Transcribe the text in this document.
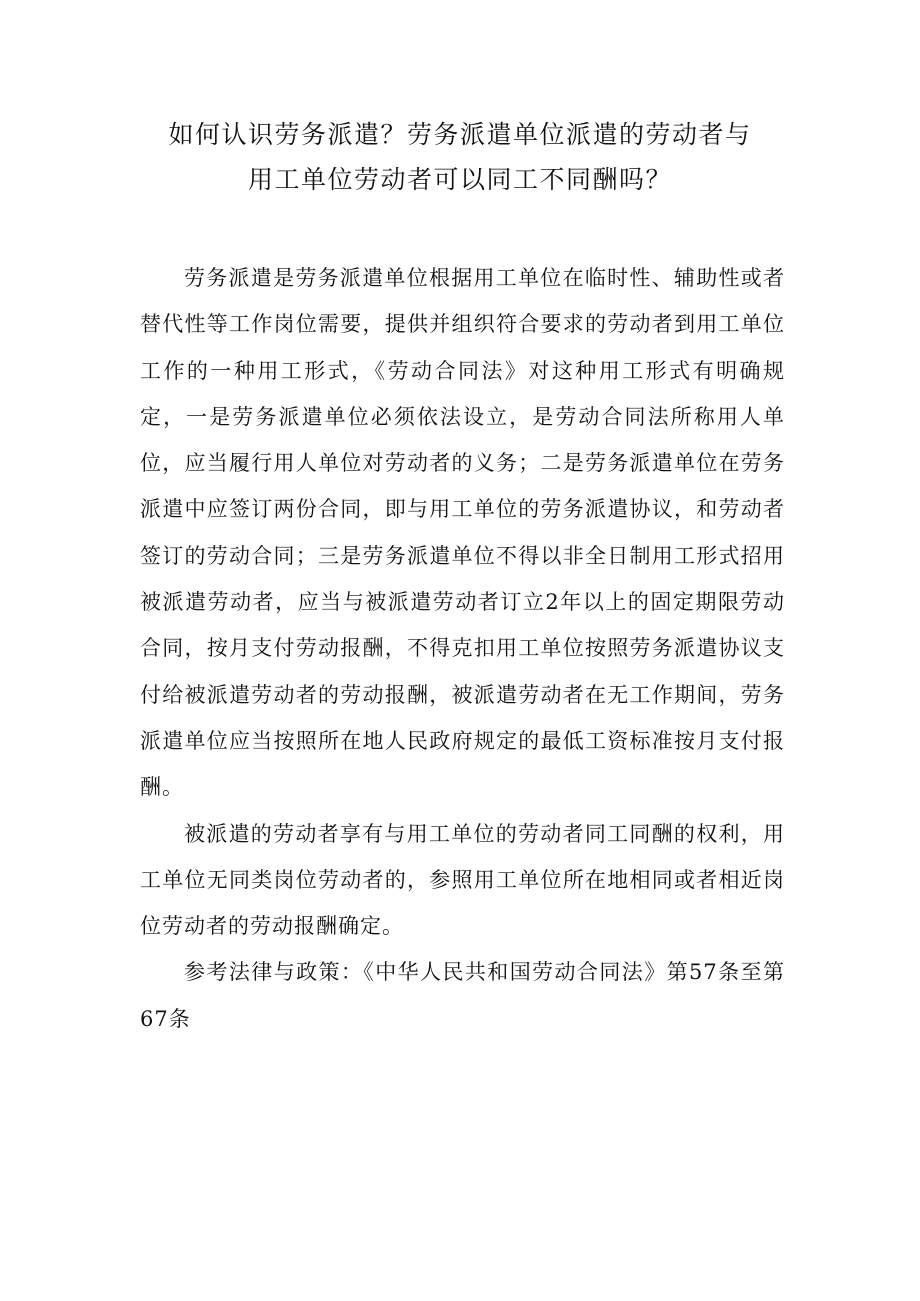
如何认识劳务派遣？劳务派遣单位派遣的劳动者与
用工单位劳动者可以同工不同酬吗？

劳务派遣是劳务派遣单位根据用工单位在临时性、辅助性或者替代性等工作岗位需要，提供并组织符合要求的劳动者到用工单位工作的一种用工形式，《劳动合同法》对这种用工形式有明确规定，一是劳务派遣单位必须依法设立，是劳动合同法所称用人单位，应当履行用人单位对劳动者的义务；二是劳务派遣单位在劳务派遣中应签订两份合同，即与用工单位的劳务派遣协议，和劳动者签订的劳动合同；三是劳务派遣单位不得以非全日制用工形式招用被派遣劳动者，应当与被派遣劳动者订立2年以上的固定期限劳动合同，按月支付劳动报酬，不得克扣用工单位按照劳务派遣协议支付给被派遣劳动者的劳动报酬，被派遣劳动者在无工作期间，劳务派遣单位应当按照所在地人民政府规定的最低工资标准按月支付报酬。

被派遣的劳动者享有与用工单位的劳动者同工同酬的权利，用工单位无同类岗位劳动者的，参照用工单位所在地相同或者相近岗位劳动者的劳动报酬确定。

参考法律与政策：《中华人民共和国劳动合同法》第57条至第67条
